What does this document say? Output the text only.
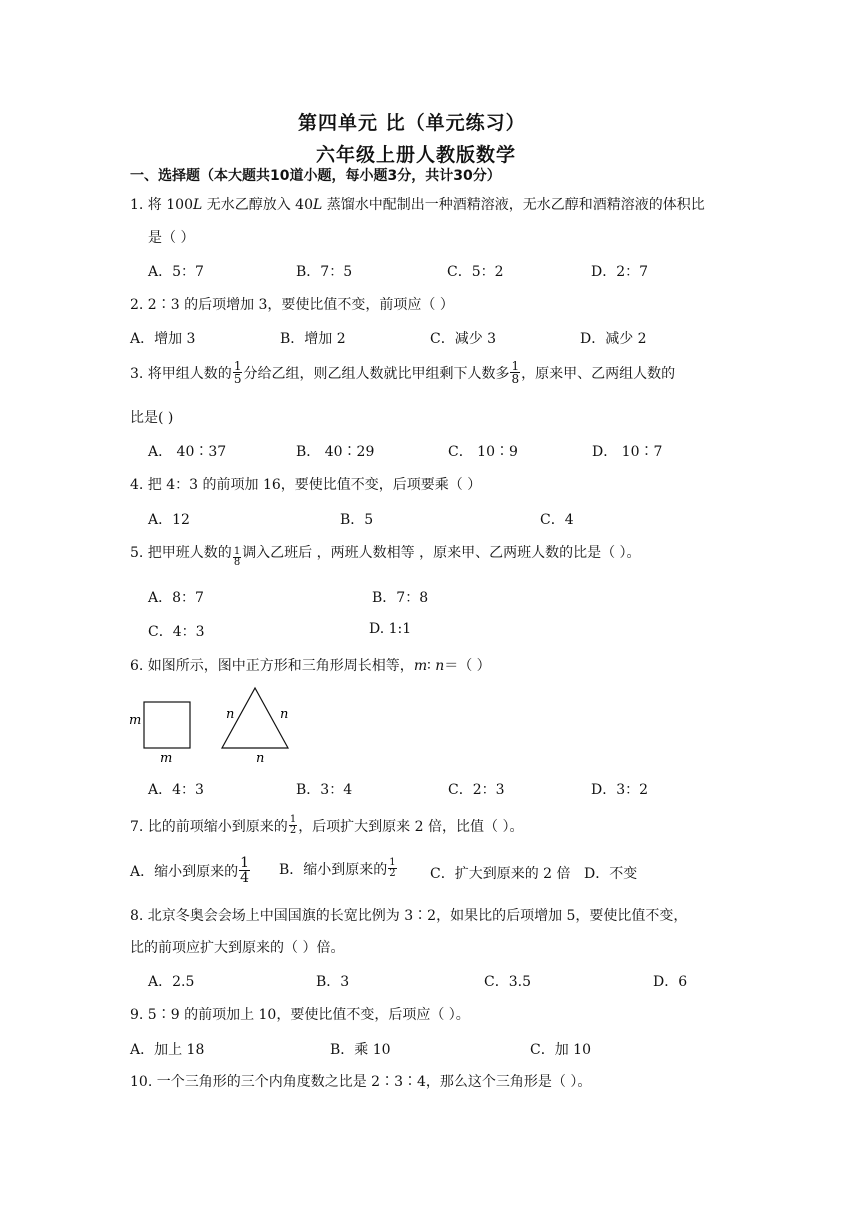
第四单元 比（单元练习）
六年级上册人教版数学
一、选择题（本大题共10道小题，每小题3分，共计30分）
1. 将 100L 无水乙醇放入 40L 蒸馏水中配制出一种酒精溶液，无水乙醇和酒精溶液的体积比
是（ ）
A．5：7	B．7：5	C．5：2	D．2：7
2. 2∶3 的后项增加 3，要使比值不变，前项应（ ）
A．增加 3	B．增加 2	C．减少 3	D．减少 2
3. 将甲组人数的 $\frac{1}{5}$ 分给乙组，则乙组人数就比甲组剩下人数多 $\frac{1}{8}$ ，原来甲、乙两组人数的
比是( )
A． 40∶37	B． 40∶29	C． 10∶9	D． 10∶7
4. 把 4：3 的前项加 16，要使比值不变，后项要乘（ ）
A．12	B．5	C．4
5. 把甲班人数的 $\frac{1}{8}$ 调入乙班后 ，两班人数相等 ，原来甲、乙两班人数的比是（ ）。
A．8：7	B．7：8
C．4：3	D. 1:1
6. 如图所示，图中正方形和三角形周长相等，m∶ n＝（ ）
m
m
n	n
n
A．4：3	B．3：4	C．2：3	D．3：2
7. 比的前项缩小到原来的 $\frac{1}{2}$ ，后项扩大到原来 2 倍，比值（ ）。
A．缩小到原来的 $\frac{1}{4}$ B．缩小到原来的 $\frac{1}{2}$ C．扩大到原来的 2 倍 D．不变
8. 北京冬奥会会场上中国国旗的长宽比例为 3∶2，如果比的后项增加 5，要使比值不变，
比的前项应扩大到原来的（ ）倍。
A．2.5	B．3	C．3.5	D．6
9. 5∶9 的前项加上 10，要使比值不变，后项应（ ）。
A．加上 18	B．乘 10	C．加 10
10. 一个三角形的三个内角度数之比是 2∶3∶4，那么这个三角形是（ ）。
